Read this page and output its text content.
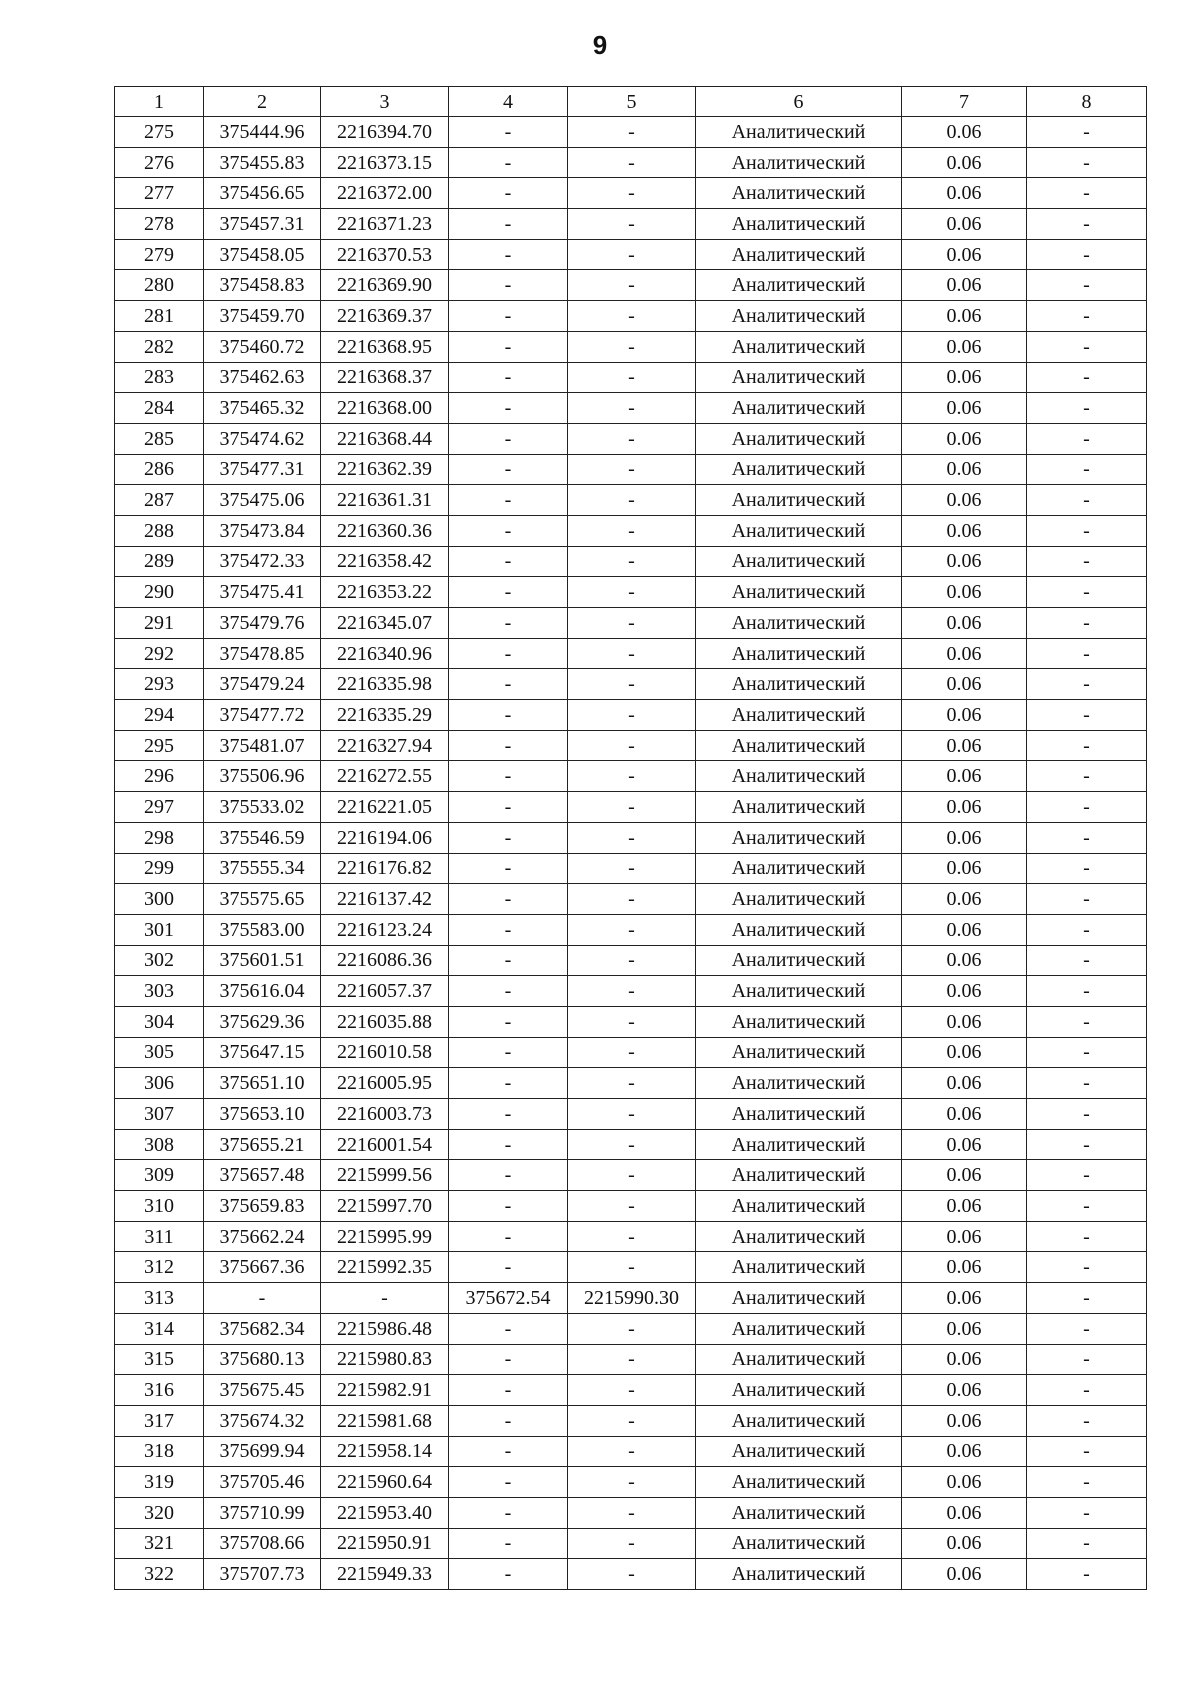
9
1	2	3	4	5	6	7	8
275	375444.96	2216394.70	-	-	Аналитический	0.06	-
276	375455.83	2216373.15	-	-	Аналитический	0.06	-
277	375456.65	2216372.00	-	-	Аналитический	0.06	-
278	375457.31	2216371.23	-	-	Аналитический	0.06	-
279	375458.05	2216370.53	-	-	Аналитический	0.06	-
280	375458.83	2216369.90	-	-	Аналитический	0.06	-
281	375459.70	2216369.37	-	-	Аналитический	0.06	-
282	375460.72	2216368.95	-	-	Аналитический	0.06	-
283	375462.63	2216368.37	-	-	Аналитический	0.06	-
284	375465.32	2216368.00	-	-	Аналитический	0.06	-
285	375474.62	2216368.44	-	-	Аналитический	0.06	-
286	375477.31	2216362.39	-	-	Аналитический	0.06	-
287	375475.06	2216361.31	-	-	Аналитический	0.06	-
288	375473.84	2216360.36	-	-	Аналитический	0.06	-
289	375472.33	2216358.42	-	-	Аналитический	0.06	-
290	375475.41	2216353.22	-	-	Аналитический	0.06	-
291	375479.76	2216345.07	-	-	Аналитический	0.06	-
292	375478.85	2216340.96	-	-	Аналитический	0.06	-
293	375479.24	2216335.98	-	-	Аналитический	0.06	-
294	375477.72	2216335.29	-	-	Аналитический	0.06	-
295	375481.07	2216327.94	-	-	Аналитический	0.06	-
296	375506.96	2216272.55	-	-	Аналитический	0.06	-
297	375533.02	2216221.05	-	-	Аналитический	0.06	-
298	375546.59	2216194.06	-	-	Аналитический	0.06	-
299	375555.34	2216176.82	-	-	Аналитический	0.06	-
300	375575.65	2216137.42	-	-	Аналитический	0.06	-
301	375583.00	2216123.24	-	-	Аналитический	0.06	-
302	375601.51	2216086.36	-	-	Аналитический	0.06	-
303	375616.04	2216057.37	-	-	Аналитический	0.06	-
304	375629.36	2216035.88	-	-	Аналитический	0.06	-
305	375647.15	2216010.58	-	-	Аналитический	0.06	-
306	375651.10	2216005.95	-	-	Аналитический	0.06	-
307	375653.10	2216003.73	-	-	Аналитический	0.06	-
308	375655.21	2216001.54	-	-	Аналитический	0.06	-
309	375657.48	2215999.56	-	-	Аналитический	0.06	-
310	375659.83	2215997.70	-	-	Аналитический	0.06	-
311	375662.24	2215995.99	-	-	Аналитический	0.06	-
312	375667.36	2215992.35	-	-	Аналитический	0.06	-
313	-	-	375672.54	2215990.30	Аналитический	0.06	-
314	375682.34	2215986.48	-	-	Аналитический	0.06	-
315	375680.13	2215980.83	-	-	Аналитический	0.06	-
316	375675.45	2215982.91	-	-	Аналитический	0.06	-
317	375674.32	2215981.68	-	-	Аналитический	0.06	-
318	375699.94	2215958.14	-	-	Аналитический	0.06	-
319	375705.46	2215960.64	-	-	Аналитический	0.06	-
320	375710.99	2215953.40	-	-	Аналитический	0.06	-
321	375708.66	2215950.91	-	-	Аналитический	0.06	-
322	375707.73	2215949.33	-	-	Аналитический	0.06	-
